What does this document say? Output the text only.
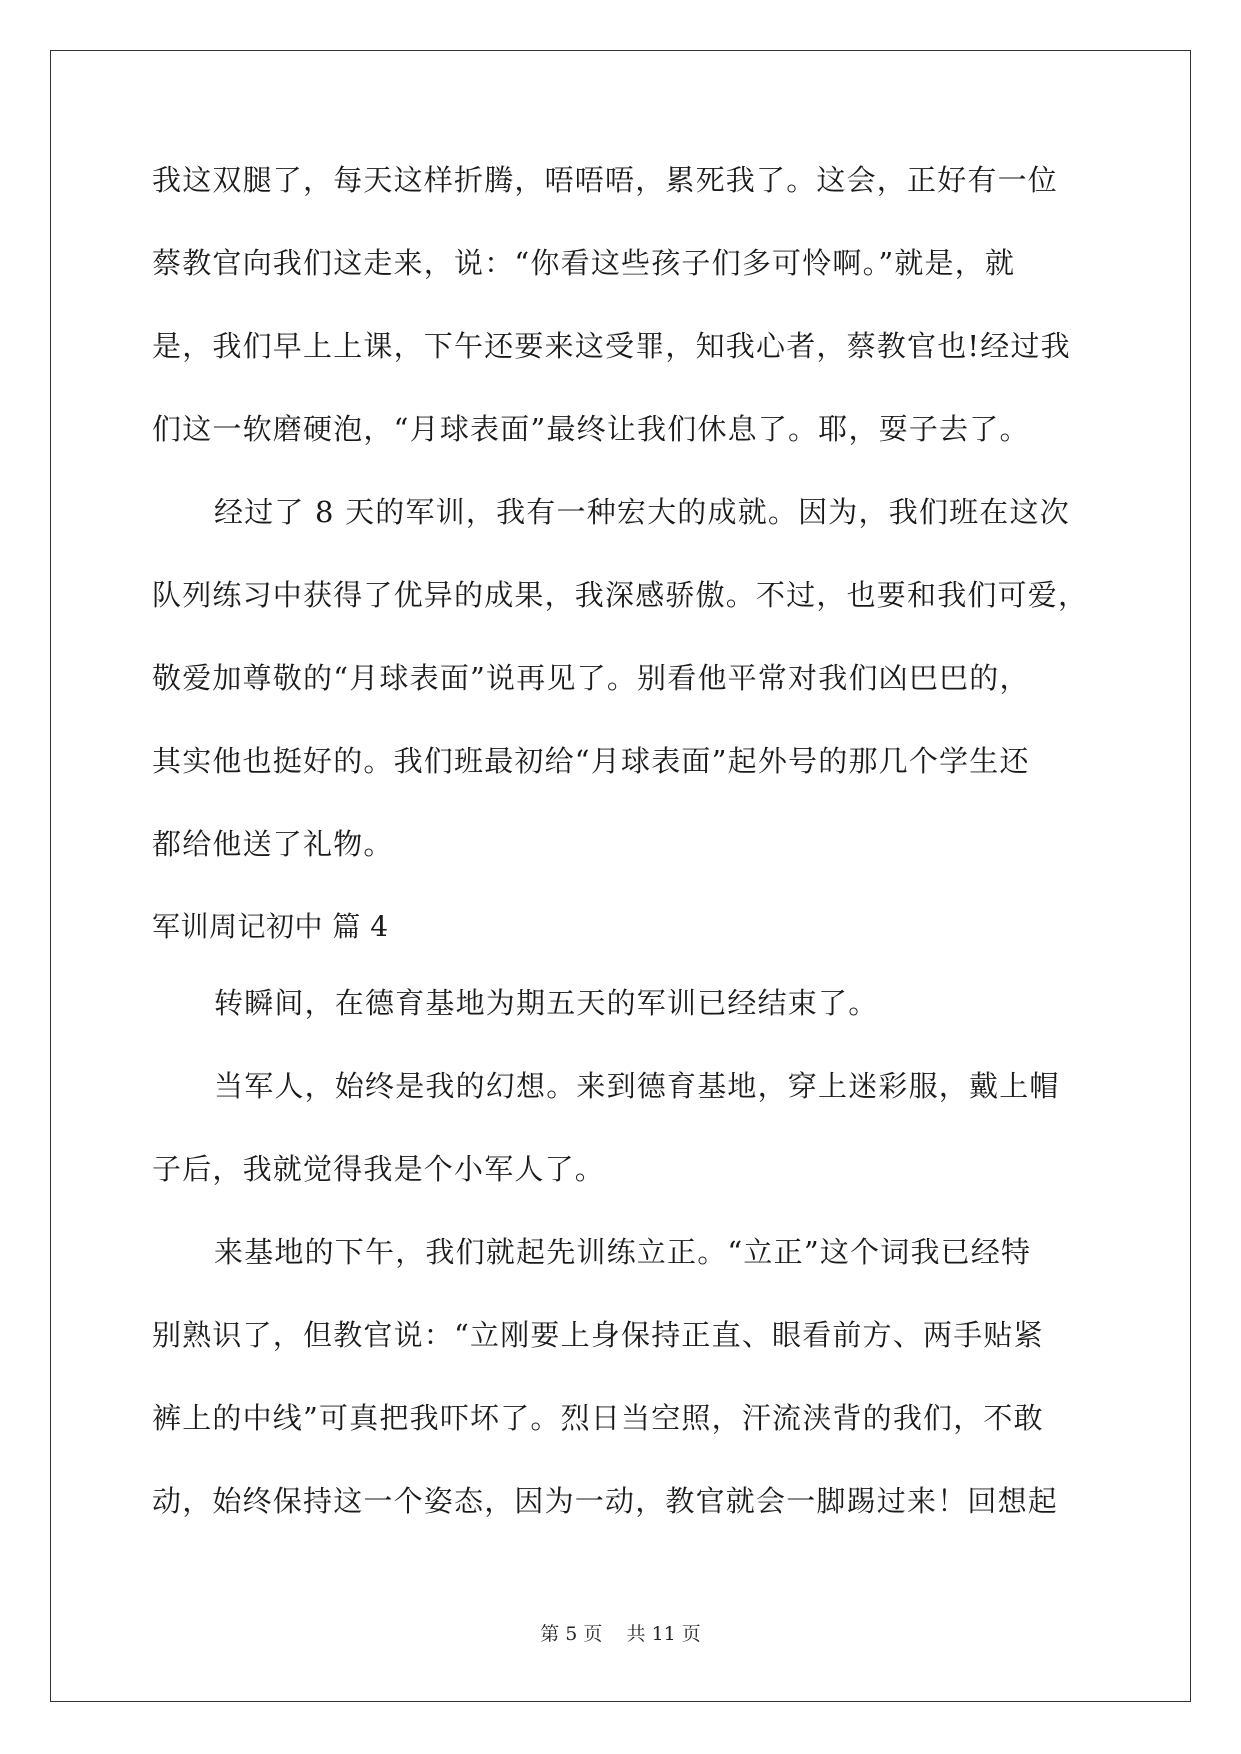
我这双腿了，每天这样折腾，唔唔唔，累死我了。这会，正好有一位
蔡教官向我们这走来，说：“你看这些孩子们多可怜啊。”就是，就
是，我们早上上课，下午还要来这受罪，知我心者，蔡教官也!经过我
们这一软磨硬泡，“月球表面”最终让我们休息了。耶，耍子去了。
经过了 8 天的军训，我有一种宏大的成就。因为，我们班在这次
队列练习中获得了优异的成果，我深感骄傲。不过，也要和我们可爱，
敬爱加尊敬的“月球表面”说再见了。别看他平常对我们凶巴巴的，
其实他也挺好的。我们班最初给“月球表面”起外号的那几个学生还
都给他送了礼物。
军训周记初中 篇 4
转瞬间，在德育基地为期五天的军训已经结束了。
当军人，始终是我的幻想。来到德育基地，穿上迷彩服，戴上帽
子后，我就觉得我是个小军人了。
来基地的下午，我们就起先训练立正。“立正”这个词我已经特
别熟识了，但教官说：“立刚要上身保持正直、眼看前方、两手贴紧
裤上的中线”可真把我吓坏了。烈日当空照，汗流浃背的我们，不敢
动，始终保持这一个姿态，因为一动，教官就会一脚踢过来！回想起
第 5 页 共 11 页
